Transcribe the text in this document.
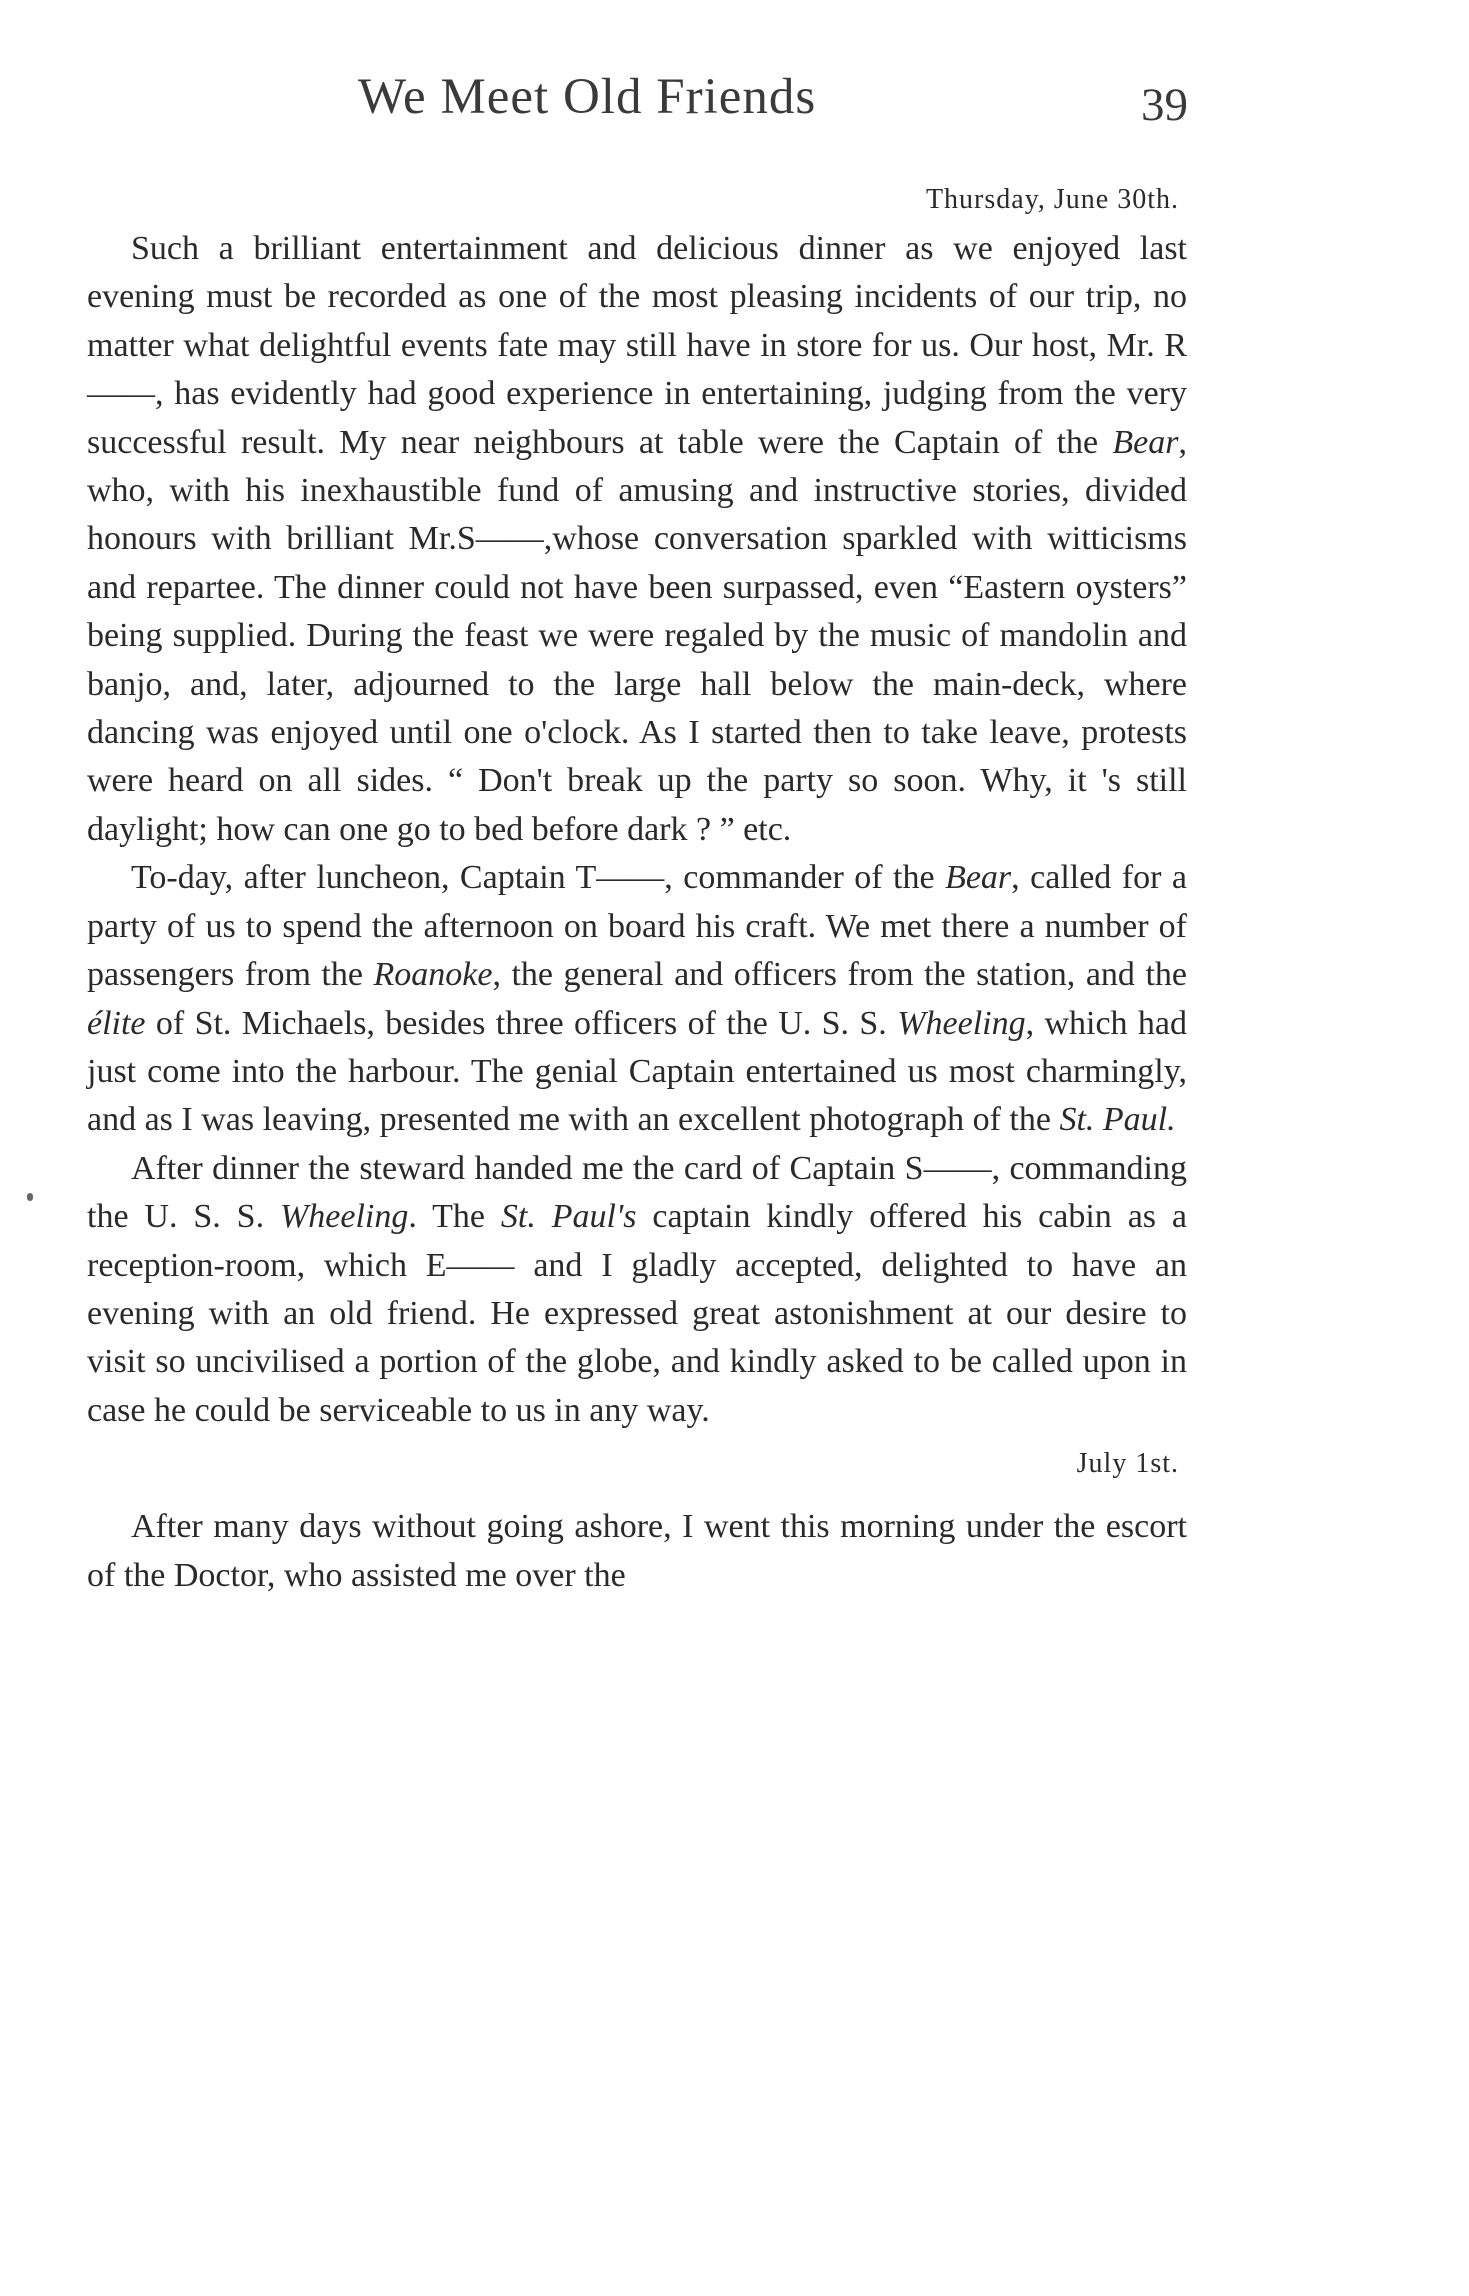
We Meet Old Friends	39
Thursday, June 30th.

Such a brilliant entertainment and delicious dinner as we enjoyed last evening must be recorded as one of the most pleasing incidents of our trip, no matter what delightful events fate may still have in store for us. Our host, Mr. R——, has evidently had good experience in entertaining, judging from the very successful result. My near neighbours at table were the Captain of the Bear, who, with his inexhaustible fund of amusing and instructive stories, divided honours with brilliant Mr.S——,whose conversation sparkled with witticisms and repartee. The dinner could not have been surpassed, even “Eastern oysters” being supplied. During the feast we were regaled by the music of mandolin and banjo, and, later, adjourned to the large hall below the main-deck, where dancing was enjoyed until one o'clock. As I started then to take leave, protests were heard on all sides. “ Don't break up the party so soon. Why, it 's still daylight; how can one go to bed before dark ? ” etc.

To-day, after luncheon, Captain T——, commander of the Bear, called for a party of us to spend the afternoon on board his craft. We met there a number of passengers from the Roanoke, the general and officers from the station, and the élite of St. Michaels, besides three officers of the U. S. S. Wheeling, which had just come into the harbour. The genial Captain entertained us most charmingly, and as I was leaving, presented me with an excellent photograph of the St. Paul.

After dinner the steward handed me the card of Captain S——, commanding the U. S. S. Wheeling. The St. Paul's captain kindly offered his cabin as a reception-room, which E—— and I gladly accepted, delighted to have an evening with an old friend. He expressed great astonishment at our desire to visit so uncivilised a portion of the globe, and kindly asked to be called upon in case he could be serviceable to us in any way.

July 1st.

After many days without going ashore, I went this morning under the escort of the Doctor, who assisted me over the
